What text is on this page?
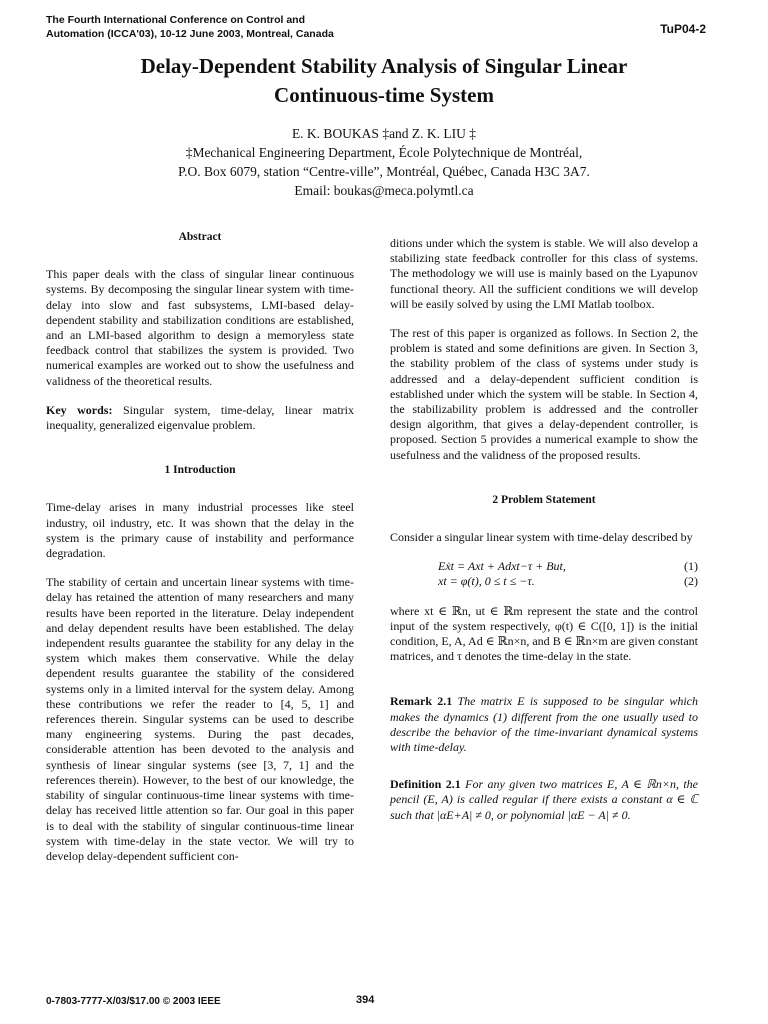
The Fourth International Conference on Control and
Automation (ICCA'03), 10-12 June 2003, Montreal, Canada	TuP04-2
Delay-Dependent Stability Analysis of Singular Linear
Continuous-time System
E. K. BOUKAS ‡and Z. K. LIU ‡
‡Mechanical Engineering Department, École Polytechnique de Montréal,
P.O. Box 6079, station “Centre-ville”, Montréal, Québec, Canada H3C 3A7.
Email: boukas@meca.polymtl.ca
Abstract

This paper deals with the class of singular linear continuous systems. By decomposing the singular linear system with time-delay into slow and fast subsystems, LMI-based delay-dependent stability and stabilization conditions are established, and an LMI-based algorithm to design a memoryless state feedback control that stabilizes the system is provided. Two numerical examples are worked out to show the usefulness and validness of the theoretical results.

Key words: Singular system, time-delay, linear matrix inequality, generalized eigenvalue problem.

1 Introduction

Time-delay arises in many industrial processes like steel industry, oil industry, etc. It was shown that the delay in the system is the primary cause of instability and performance degradation.

The stability of certain and uncertain linear systems with time-delay has retained the attention of many researchers and many results have been reported in the literature. Delay independent and delay dependent results have been established. The delay independent results guarantee the stability for any delay in the system which makes them conservative. While the delay dependent results guarantee the stability of the considered systems only in a limited interval for the system delay. Among these contributions we refer the reader to [4, 5, 1] and references therein. Singular systems can be used to describe many engineering systems. During the past decades, considerable attention has been devoted to the analysis and synthesis of linear singular systems (see [3, 7, 1] and the references therein). However, to the best of our knowledge, the stability of singular continuous-time linear systems with time-delay has received little attention so far. Our goal in this paper is to deal with the stability of singular continuous-time linear system with time-delay in the state vector. We will try to develop delay-dependent sufficient con-

ditions under which the system is stable. We will also develop a stabilizing state feedback controller for this class of systems. The methodology we will use is mainly based on the Lyapunov functional theory. All the sufficient conditions we will develop will be easily solved by using the LMI Matlab toolbox.

The rest of this paper is organized as follows. In Section 2, the problem is stated and some definitions are given. In Section 3, the stability problem of the class of systems under study is addressed and a delay-dependent sufficient condition is established under which the system will be stable. In Section 4, the stabilizability problem is addressed and the controller design algorithm, that gives a delay-dependent controller, is proposed. Section 5 provides a numerical example to show the usefulness and the validness of the proposed results.

2 Problem Statement

Consider a singular linear system with time-delay described by

Eẋt = Axt + Adxt−τ + But,	(1)
xt = φ(t), 0 ≤ t ≤ −τ.	(2)

where xt ∈ ℝn, ut ∈ ℝm represent the state and the control input of the system respectively, φ(t) ∈ C([0, 1]) is the initial condition, E, A, Ad ∈ ℝn×n, and B ∈ ℝn×m are given constant matrices, and τ denotes the time-delay in the state.

Remark 2.1 The matrix E is supposed to be singular which makes the dynamics (1) different from the one usually used to describe the behavior of the time-invariant dynamical systems with time-delay.

Definition 2.1 For any given two matrices E, A ∈ ℝn×n, the pencil (E, A) is called regular if there exists a constant α ∈ ℂ such that |αE+A| ≠ 0, or polynomial |αE − A| ≠ 0.

0-7803-7777-X/03/$17.00 © 2003 IEEE	394
